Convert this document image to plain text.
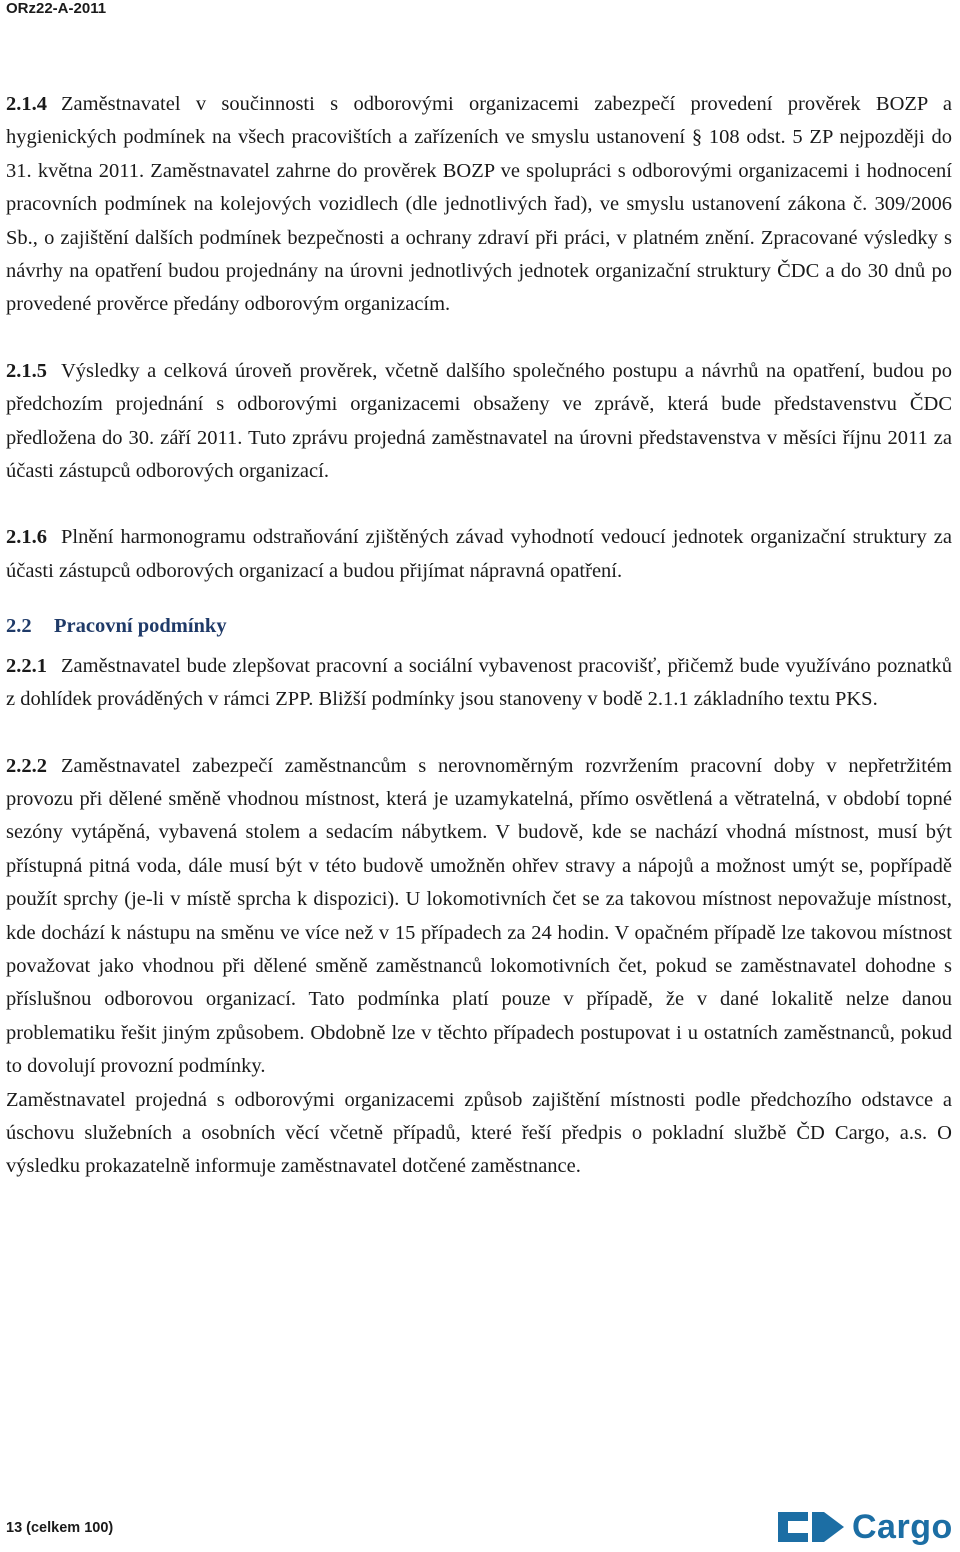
ORz22-A-2011

2.1.4 Zaměstnavatel v součinnosti s odborovými organizacemi zabezpečí provedení prověrek BOZP a hygienických podmínek na všech pracovištích a zařízeních ve smyslu ustanovení § 108 odst. 5 ZP nejpozději do 31. května 2011. Zaměstnavatel zahrne do prověrek BOZP ve spolupráci s odborovými organizacemi i hodnocení pracovních podmínek na kolejových vozidlech (dle jednotlivých řad), ve smyslu ustanovení zákona č. 309/2006 Sb., o zajištění dalších podmínek bezpečnosti a ochrany zdraví při práci, v platném znění. Zpracované výsledky s návrhy na opatření budou projednány na úrovni jednotlivých jednotek organizační struktury ČDC a do 30 dnů po provedené prověrce předány odborovým organizacím.

2.1.5 Výsledky a celková úroveň prověrek, včetně dalšího společného postupu a návrhů na opatření, budou po předchozím projednání s odborovými organizacemi obsaženy ve zprávě, která bude představenstvu ČDC předložena do 30. září 2011. Tuto zprávu projedná zaměstnavatel na úrovni představenstva v měsíci říjnu 2011 za účasti zástupců odborových organizací.

2.1.6 Plnění harmonogramu odstraňování zjištěných závad vyhodnotí vedoucí jednotek organizační struktury za účasti zástupců odborových organizací a budou přijímat nápravná opatření.

2.2 Pracovní podmínky

2.2.1 Zaměstnavatel bude zlepšovat pracovní a sociální vybavenost pracovišť, přičemž bude využíváno poznatků z dohlídek prováděných v rámci ZPP. Bližší podmínky jsou stanoveny v bodě 2.1.1 základního textu PKS.

2.2.2 Zaměstnavatel zabezpečí zaměstnancům s nerovnoměrným rozvržením pracovní doby v nepřetržitém provozu při dělené směně vhodnou místnost, která je uzamykatelná, přímo osvětlená a větratelná, v období topné sezóny vytápěná, vybavená stolem a sedacím nábytkem. V budově, kde se nachází vhodná místnost, musí být přístupná pitná voda, dále musí být v této budově umožněn ohřev stravy a nápojů a možnost umýt se, popřípadě použít sprchy (je-li v místě sprcha k dispozici). U lokomotivních čet se za takovou místnost nepovažuje místnost, kde dochází k nástupu na směnu ve více než v 15 případech za 24 hodin. V opačném případě lze takovou místnost považovat jako vhodnou při dělené směně zaměstnanců lokomotivních čet, pokud se zaměstnavatel dohodne s příslušnou odborovou organizací. Tato podmínka platí pouze v případě, že v dané lokalitě nelze danou problematiku řešit jiným způsobem. Obdobně lze v těchto případech postupovat i u ostatních zaměstnanců, pokud to dovolují provozní podmínky.

Zaměstnavatel projedná s odborovými organizacemi způsob zajištění místnosti podle předchozího odstavce a úschovu služebních a osobních věcí včetně případů, které řeší předpis o pokladní službě ČD Cargo, a.s. O výsledku prokazatelně informuje zaměstnavatel dotčené zaměstnance.

13 (celkem 100)	Cargo
